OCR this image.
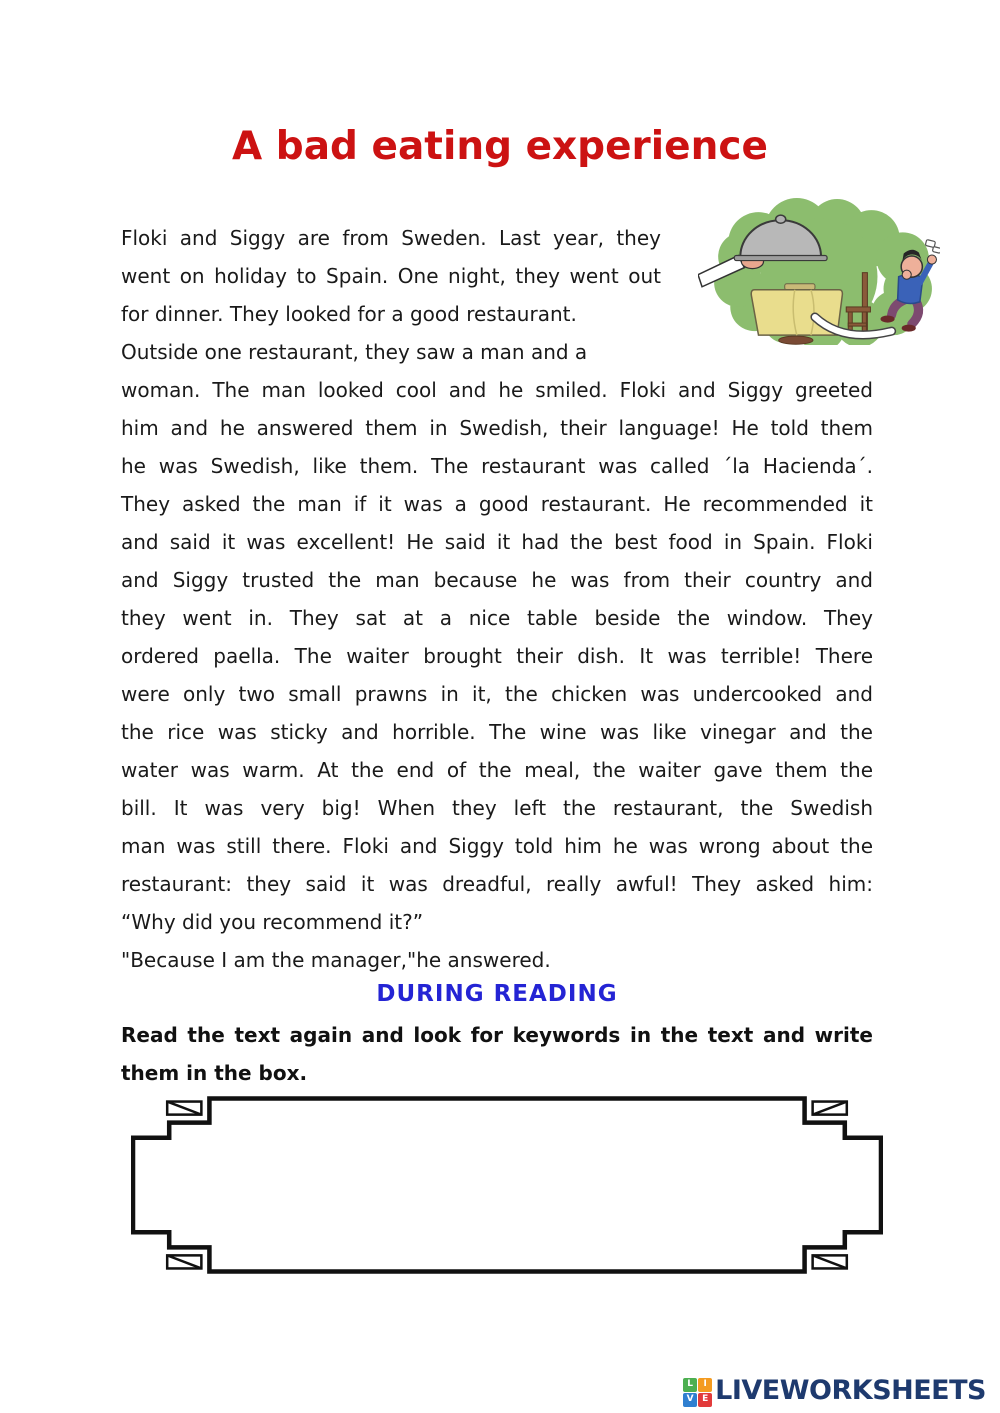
A bad eating experience
Floki and Siggy are from Sweden. Last year, they
went on holiday to Spain. One night, they went out
for dinner. They looked for a good restaurant.
Outside one restaurant, they saw a man and a
woman. The man looked cool and he smiled. Floki and Siggy greeted
him and he answered them in Swedish, their language! He told them
he was Swedish, like them. The restaurant was called ´la Hacienda´.
They asked the man if it was a good restaurant. He recommended it
and said it was excellent! He said it had the best food in Spain. Floki
and Siggy trusted the man because he was from their country and
they went in. They sat at a nice table beside the window. They
ordered paella. The waiter brought their dish. It was terrible! There
were only two small prawns in it, the chicken was undercooked and
the rice was sticky and horrible. The wine was like vinegar and the
water was warm. At the end of the meal, the waiter gave them the
bill. It was very big! When they left the restaurant, the Swedish
man was still there. Floki and Siggy told him he was wrong about the
restaurant: they said it was dreadful, really awful! They asked him:
“Why did you recommend it?”
"Because I am the manager,"he answered.
DURING READING
Read the text again and look for keywords in the text and write
them in the box.
L	I
V E LIVEWORKSHEETS
